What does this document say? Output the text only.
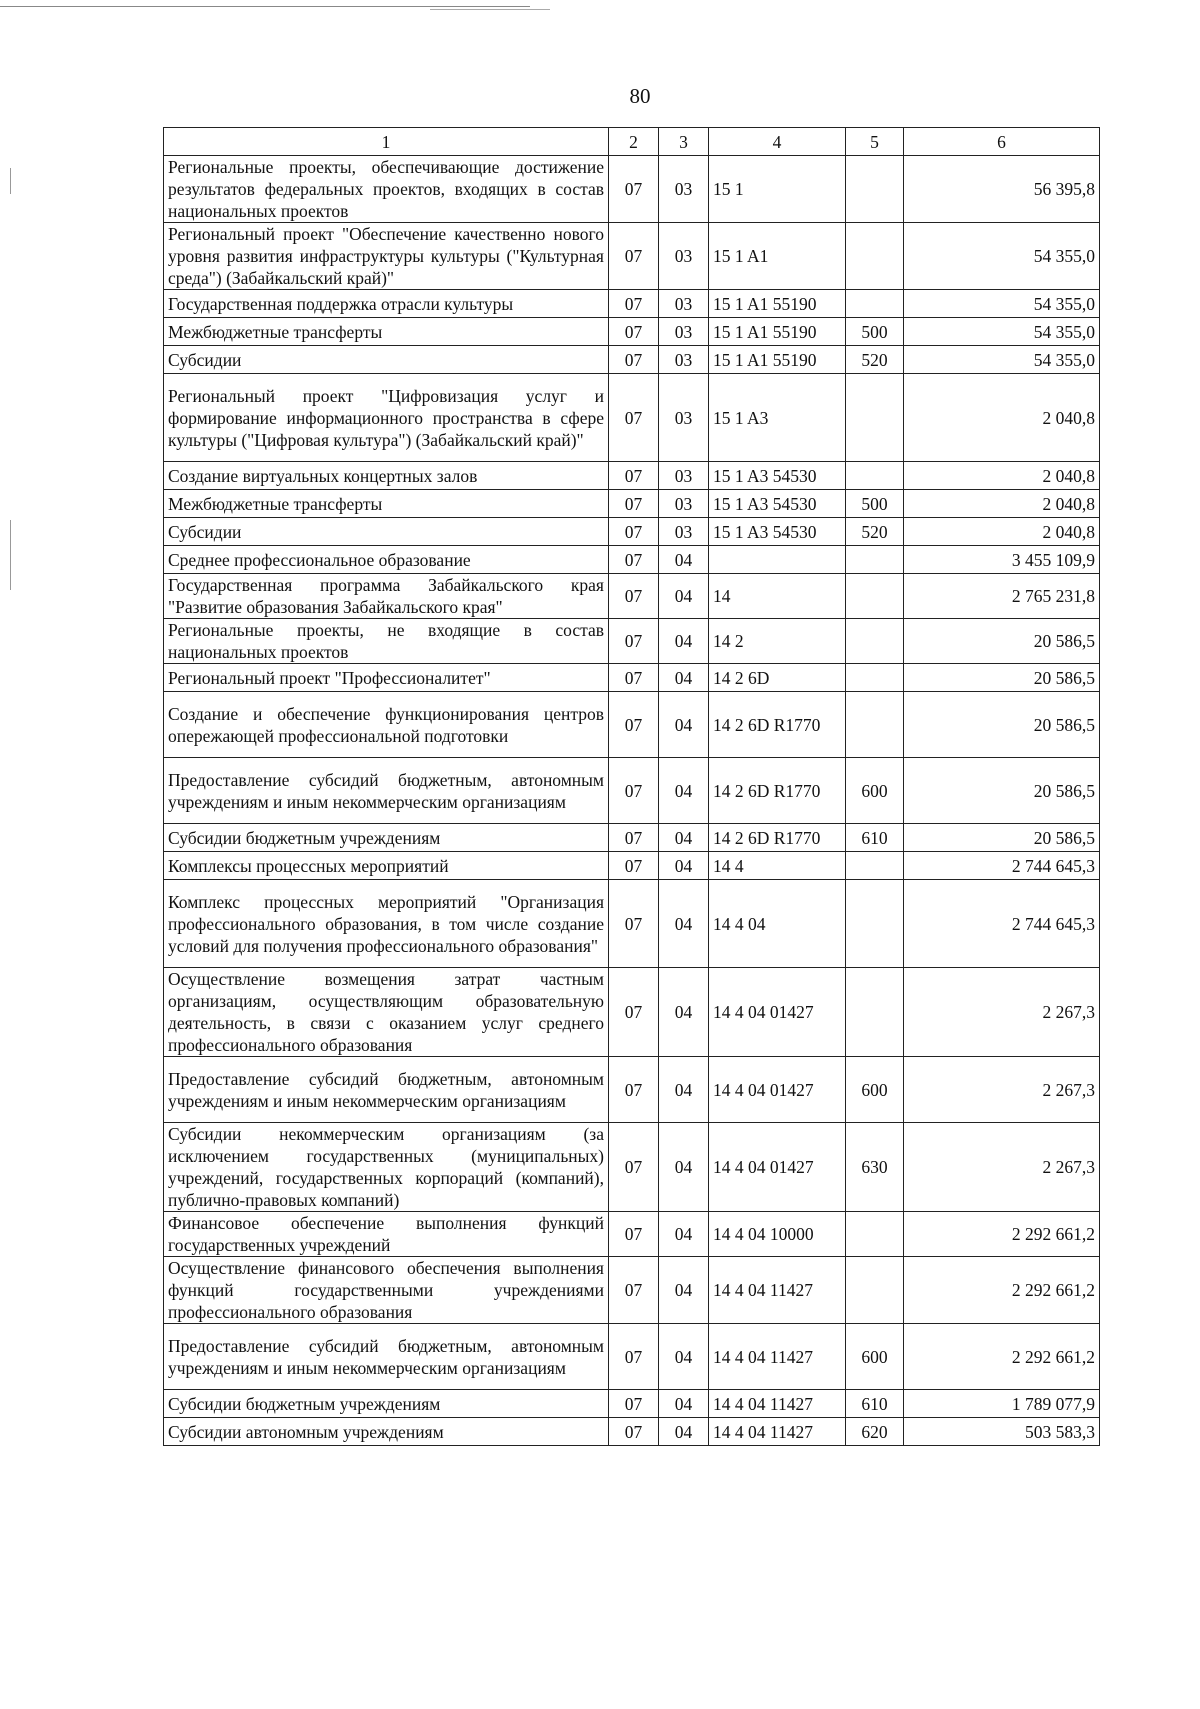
80
1	2	3	4	5	6
Региональные проекты, обеспечивающие достижение результатов федеральных проектов, входящих в состав национальных проектов	07	03	15 1		56 395,8
Региональный проект "Обеспечение качественно нового уровня развития инфраструктуры культуры ("Культурная среда") (Забайкальский край)"	07	03	15 1 A1		54 355,0
Государственная поддержка отрасли культуры	07	03	15 1 A1 55190		54 355,0
Межбюджетные трансферты	07	03	15 1 A1 55190	500	54 355,0
Субсидии	07	03	15 1 A1 55190	520	54 355,0
Региональный проект "Цифровизация услуг и формирование информационного пространства в сфере культуры ("Цифровая культура") (Забайкальский край)"	07	03	15 1 A3		2 040,8
Создание виртуальных концертных залов	07	03	15 1 A3 54530		2 040,8
Межбюджетные трансферты	07	03	15 1 A3 54530	500	2 040,8
Субсидии	07	03	15 1 A3 54530	520	2 040,8
Среднее профессиональное образование	07	04			3 455 109,9
Государственная программа Забайкальского края "Развитие образования Забайкальского края"	07	04	14		2 765 231,8
Региональные проекты, не входящие в состав национальных проектов	07	04	14 2		20 586,5
Региональный проект "Профессионалитет"	07	04	14 2 6D		20 586,5
Создание и обеспечение функционирования центров опережающей профессиональной подготовки	07	04	14 2 6D R1770		20 586,5
Предоставление субсидий бюджетным, автономным учреждениям и иным некоммерческим организациям	07	04	14 2 6D R1770	600	20 586,5
Субсидии бюджетным учреждениям	07	04	14 2 6D R1770	610	20 586,5
Комплексы процессных мероприятий	07	04	14 4		2 744 645,3
Комплекс процессных мероприятий "Организация профессионального образования, в том числе создание условий для получения профессионального образования"	07	04	14 4 04		2 744 645,3
Осуществление возмещения затрат частным организациям, осуществляющим образовательную деятельность, в связи с оказанием услуг среднего профессионального образования	07	04	14 4 04 01427		2 267,3
Предоставление субсидий бюджетным, автономным учреждениям и иным некоммерческим организациям	07	04	14 4 04 01427	600	2 267,3
Субсидии некоммерческим организациям (за исключением государственных (муниципальных) учреждений, государственных корпораций (компаний), публично-правовых компаний)	07	04	14 4 04 01427	630	2 267,3
Финансовое обеспечение выполнения функций государственных учреждений	07	04	14 4 04 10000		2 292 661,2
Осуществление финансового обеспечения выполнения функций государственными учреждениями профессионального образования	07	04	14 4 04 11427		2 292 661,2
Предоставление субсидий бюджетным, автономным учреждениям и иным некоммерческим организациям	07	04	14 4 04 11427	600	2 292 661,2
Субсидии бюджетным учреждениям	07	04	14 4 04 11427	610	1 789 077,9
Субсидии автономным учреждениям	07	04	14 4 04 11427	620	503 583,3
